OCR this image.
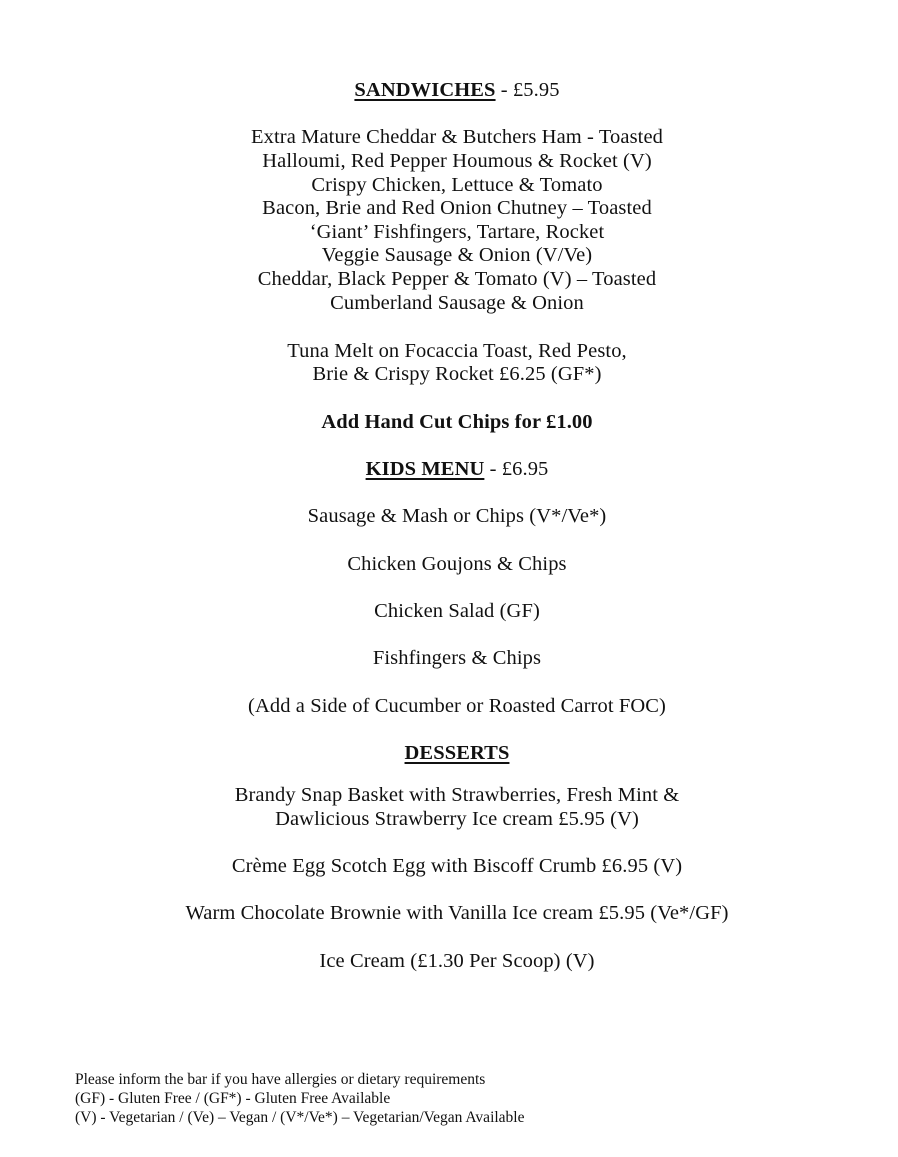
SANDWICHES - £5.95
Extra Mature Cheddar & Butchers Ham - Toasted
Halloumi, Red Pepper Houmous & Rocket (V)
Crispy Chicken, Lettuce & Tomato
Bacon, Brie and Red Onion Chutney – Toasted
‘Giant’ Fishfingers, Tartare, Rocket
Veggie Sausage & Onion (V/Ve)
Cheddar, Black Pepper & Tomato (V) – Toasted
Cumberland Sausage & Onion
Tuna Melt on Focaccia Toast, Red Pesto,
Brie & Crispy Rocket £6.25 (GF*)
Add Hand Cut Chips for £1.00
KIDS MENU - £6.95
Sausage & Mash or Chips (V*/Ve*)
Chicken Goujons & Chips
Chicken Salad (GF)
Fishfingers & Chips
(Add a Side of Cucumber or Roasted Carrot FOC)
DESSERTS
Brandy Snap Basket with Strawberries, Fresh Mint &
Dawlicious Strawberry Ice cream £5.95 (V)
Crème Egg Scotch Egg with Biscoff Crumb £6.95 (V)
Warm Chocolate Brownie with Vanilla Ice cream £5.95 (Ve*/GF)
Ice Cream (£1.30 Per Scoop) (V)
Please inform the bar if you have allergies or dietary requirements
(GF) - Gluten Free / (GF*) - Gluten Free Available
(V) - Vegetarian / (Ve) – Vegan / (V*/Ve*) – Vegetarian/Vegan Available
